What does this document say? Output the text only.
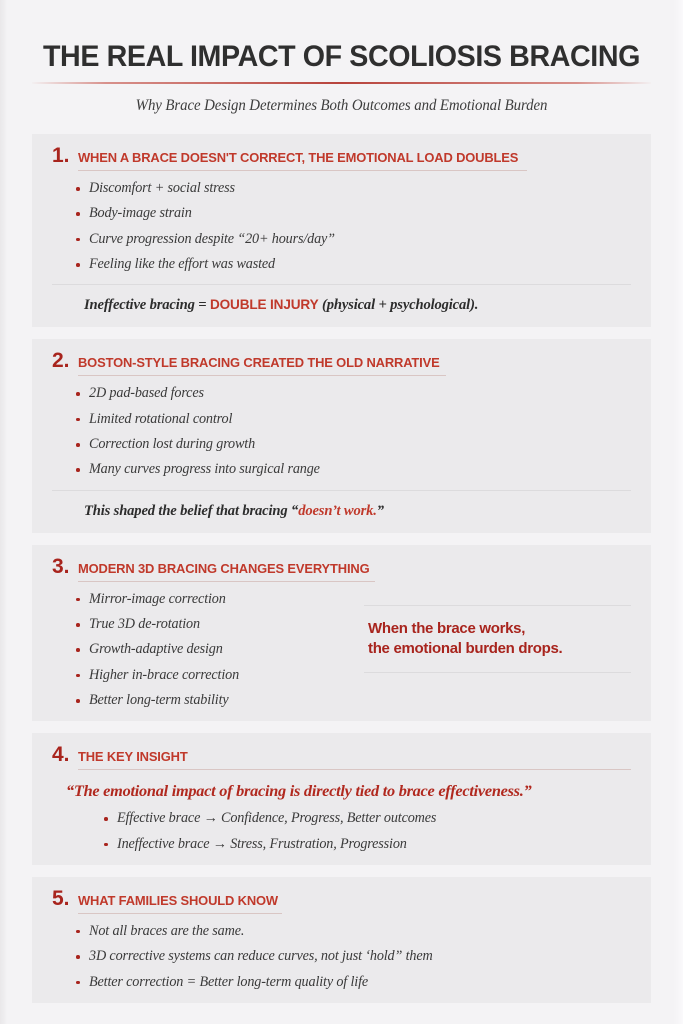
THE REAL IMPACT OF SCOLIOSIS BRACING
Why Brace Design Determines Both Outcomes and Emotional Burden
1. WHEN A BRACE DOESN'T CORRECT, THE EMOTIONAL LOAD DOUBLES
Discomfort + social stress
Body-image strain
Curve progression despite “20+ hours/day”
Feeling like the effort was wasted
Ineffective bracing = DOUBLE INJURY (physical + psychological).
2. BOSTON-STYLE BRACING CREATED THE OLD NARRATIVE
2D pad-based forces
Limited rotational control
Correction lost during growth
Many curves progress into surgical range
This shaped the belief that bracing “doesn’t work.”
3. MODERN 3D BRACING CHANGES EVERYTHING
Mirror-image correction
True 3D de-rotation
Growth-adaptive design
Higher in-brace correction
Better long-term stability
When the brace works,
the emotional burden drops.
4. THE KEY INSIGHT
“The emotional impact of bracing is directly tied to brace effectiveness.”
Effective brace → Confidence, Progress, Better outcomes
Ineffective brace → Stress, Frustration, Progression
5. WHAT FAMILIES SHOULD KNOW
Not all braces are the same.
3D corrective systems can reduce curves, not just ‘hold” them
Better correction = Better long-term quality of life
